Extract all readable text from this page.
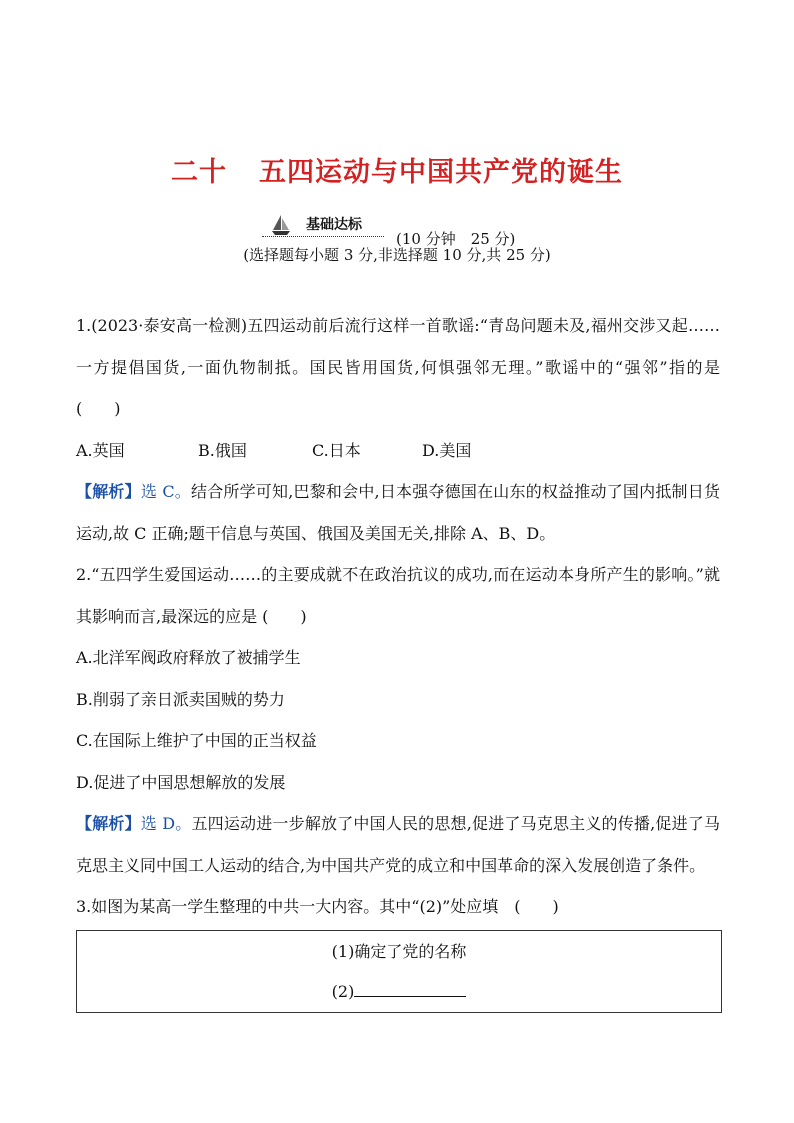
二十 五四运动与中国共产党的诞生
基础达标
(10 分钟　25 分)
(选择题每小题 3 分,非选择题 10 分,共 25 分)

1.(2023·泰安高一检测)五四运动前后流行这样一首歌谣:“青岛问题未及,福州交涉又起……一方提倡国货,一面仇物制抵。国民皆用国货,何惧强邻无理。”歌谣中的“强邻”指的是　(　　)

A.英国	B.俄国	C.日本	D.美国

【解析】选 C。结合所学可知,巴黎和会中,日本强夺德国在山东的权益推动了国内抵制日货运动,故 C 正确;题干信息与英国、俄国及美国无关,排除 A、B、D。

2.“五四学生爱国运动……的主要成就不在政治抗议的成功,而在运动本身所产生的影响。”就其影响而言,最深远的应是 (　　)

A.北洋军阀政府释放了被捕学生
B.削弱了亲日派卖国贼的势力
C.在国际上维护了中国的正当权益
D.促进了中国思想解放的发展

【解析】选 D。五四运动进一步解放了中国人民的思想,促进了马克思主义的传播,促进了马克思主义同中国工人运动的结合,为中国共产党的成立和中国革命的深入发展创造了条件。

3.如图为某高一学生整理的中共一大内容。其中“(2)”处应填　(　　)

(1)确定了党的名称
(2)
